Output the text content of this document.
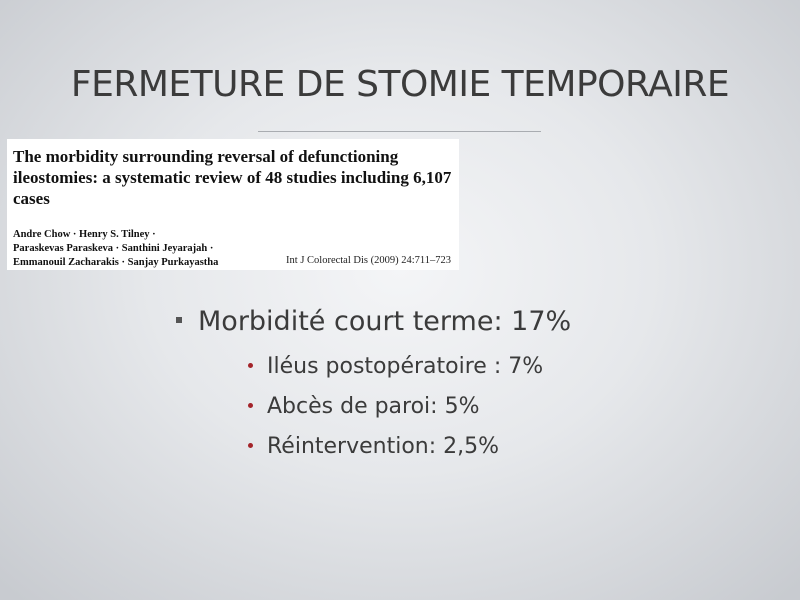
FERMETURE DE STOMIE TEMPORAIRE

The morbidity surrounding reversal of defunctioning ileostomies: a systematic review of 48 studies including 6,107 cases

Andre Chow · Henry S. Tilney ·
Paraskevas Paraskeva · Santhini Jeyarajah ·
Emmanouil Zacharakis · Sanjay Purkayastha	Int J Colorectal Dis (2009) 24:711–723
Morbidité court terme: 17%
Iléus postopératoire : 7%
Abcès de paroi: 5%
Réintervention: 2,5%
